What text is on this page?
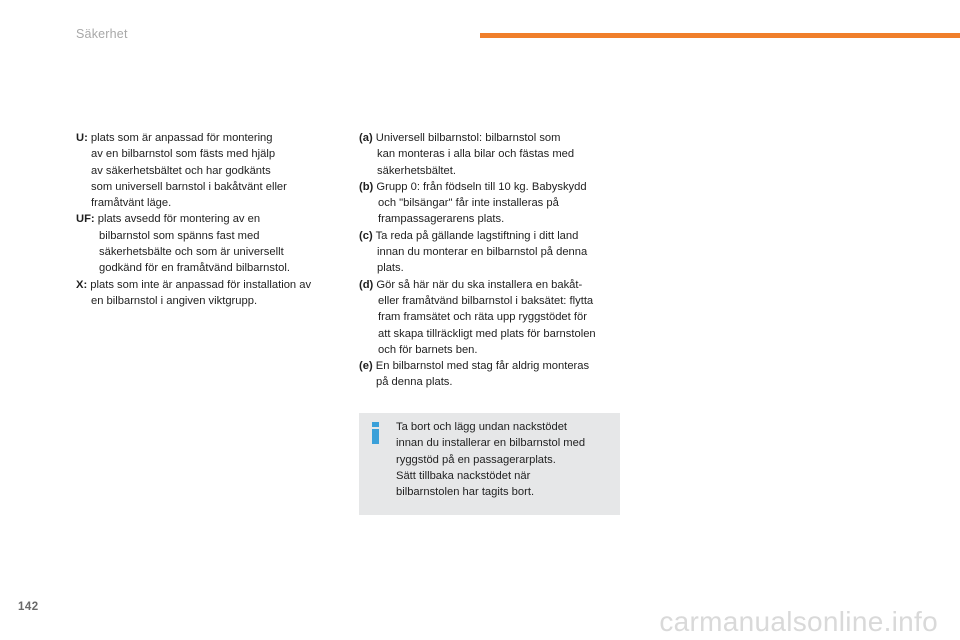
Säkerhet
U: plats som är anpassad för montering
av en bilbarnstol som fästs med hjälp
av säkerhetsbältet och har godkänts
som universell barnstol i bakåtvänt eller
framåtvänt läge.
UF: plats avsedd för montering av en
bilbarnstol som spänns fast med
säkerhetsbälte och som är universellt
godkänd för en framåtvänd bilbarnstol.
X: plats som inte är anpassad för installation av
en bilbarnstol i angiven viktgrupp.
(a) Universell bilbarnstol: bilbarnstol som
kan monteras i alla bilar och fästas med
säkerhetsbältet.
(b) Grupp 0: från födseln till 10 kg. Babyskydd
och "bilsängar" får inte installeras på
frampassagerarens plats.
(c) Ta reda på gällande lagstiftning i ditt land
innan du monterar en bilbarnstol på denna
plats.
(d) Gör så här när du ska installera en bakåt-
eller framåtvänd bilbarnstol i baksätet: flytta
fram framsätet och räta upp ryggstödet för
att skapa tillräckligt med plats för barnstolen
och för barnets ben.
(e) En bilbarnstol med stag får aldrig monteras
på denna plats.
Ta bort och lägg undan nackstödet
innan du installerar en bilbarnstol med
ryggstöd på en passagerarplats.
Sätt tillbaka nackstödet när
bilbarnstolen har tagits bort.
142	carmanualsonline.info
